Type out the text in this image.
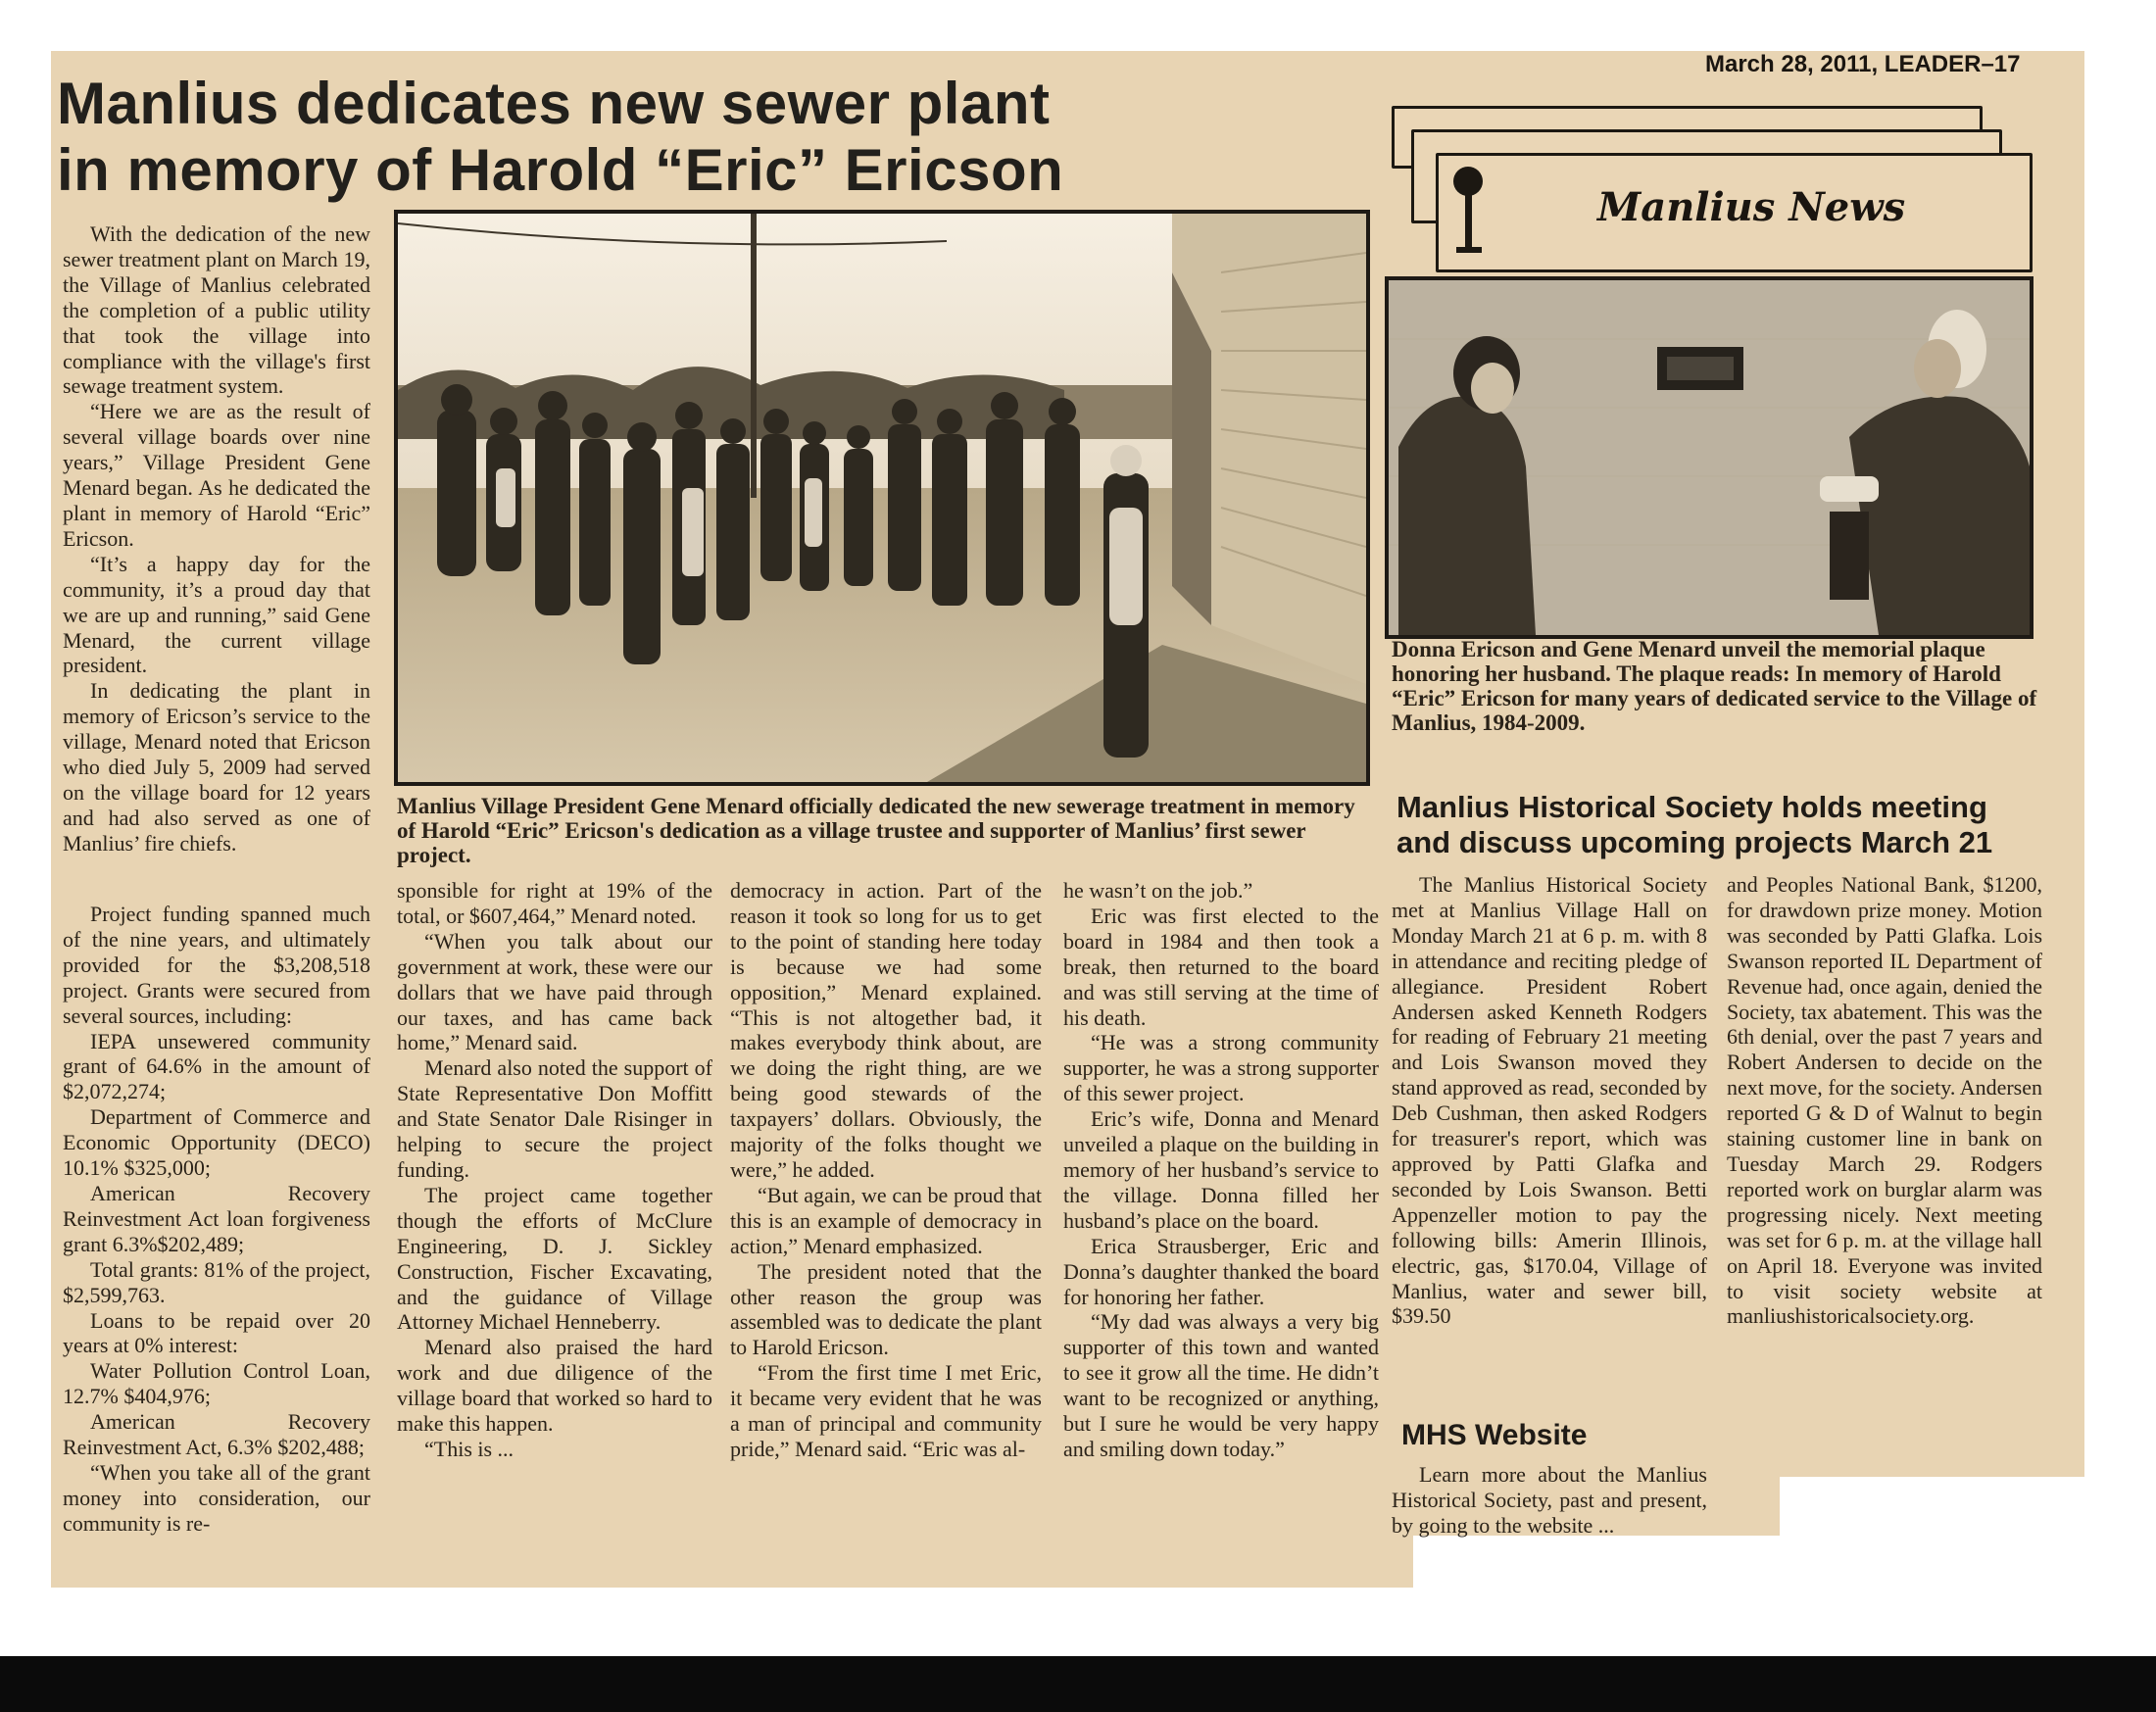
March 28, 2011, LEADER–17
Manlius dedicates new sewer plant
in memory of Harold “Eric” Ericson
Manlius News
Manlius Village President Gene Menard officially dedicated the new sewerage treatment in memory of Harold “Eric” Ericson's dedication as a village trustee and supporter of Manlius’ first sewer project.
Donna Ericson and Gene Menard unveil the memorial plaque honoring her husband. The plaque reads: In memory of Harold “Eric” Ericson for many years of dedicated service to the Village of Manlius, 1984-2009.

With the dedication of the new sewer treatment plant on March 19, the Village of Manlius celebrated the completion of a public utility that took the village into compliance with the village's first sewage treatment system.

“Here we are as the result of several village boards over nine years,” Village President Gene Menard began. As he dedicated the plant in memory of Harold “Eric” Ericson.

“It’s a happy day for the community, it’s a proud day that we are up and running,” said Gene Menard, the current village president.

In dedicating the plant in memory of Ericson’s service to the village, Menard noted that Ericson who died July 5, 2009 had served on the village board for 12 years and had also served as one of Manlius’ fire chiefs.

Project funding spanned much of the nine years, and ultimately provided for the $3,208,518 project. Grants were secured from several sources, including:

IEPA unsewered community grant of 64.6% in the amount of $2,072,274;

Department of Commerce and Economic Opportunity (DECO) 10.1% $325,000;

American Recovery Reinvestment Act loan forgiveness grant 6.3%$202,489;

Total grants: 81% of the project, $2,599,763.

Loans to be repaid over 20 years at 0% interest:

Water Pollution Control Loan, 12.7% $404,976;

American Recovery Reinvestment Act, 6.3% $202,488;

“When you take all of the grant money into consideration, our community is re-

sponsible for right at 19% of the total, or $607,464,” Menard noted.

“When you talk about our government at work, these were our dollars that we have paid through our taxes, and has came back home,” Menard said.

Menard also noted the support of State Representative Don Moffitt and State Senator Dale Risinger in helping to secure the project funding.

The project came together though the efforts of McClure Engineering, D. J. Sickley Construction, Fischer Excavating, and the guidance of Village Attorney Michael Henneberry.

Menard also praised the hard work and due diligence of the village board that worked so hard to make this happen.

“This is ...

democracy in action. Part of the reason it took so long for us to get to the point of standing here today is because we had some opposition,” Menard explained. “This is not altogether bad, it makes everybody think about, are we doing the right thing, are we being good stewards of the taxpayers’ dollars. Obviously, the majority of the folks thought we were,” he added.

“But again, we can be proud that this is an example of democracy in action,” Menard emphasized.

The president noted that the other reason the group was assembled was to dedicate the plant to Harold Ericson.

“From the first time I met Eric, it became very evident that he was a man of principal and community pride,” Menard said. “Eric was al-

he wasn’t on the job.”

Eric was first elected to the board in 1984 and then took a break, then returned to the board and was still serving at the time of his death.

“He was a strong community supporter, he was a strong supporter of this sewer project.

Eric’s wife, Donna and Menard unveiled a plaque on the building in memory of her husband’s service to the village. Donna filled her husband’s place on the board.

Erica Strausberger, Eric and Donna’s daughter thanked the board for honoring her father.

“My dad was always a very big supporter of this town and wanted to see it grow all the time. He didn’t want to be recognized or anything, but I sure he would be very happy and smiling down today.”

Manlius Historical Society holds meeting and discuss upcoming projects March 21

The Manlius Historical Society met at Manlius Village Hall on Monday March 21 at 6 p. m. with 8 in attendance and reciting pledge of allegiance. President Robert Andersen asked Kenneth Rodgers for reading of February 21 meeting and Lois Swanson moved they stand approved as read, seconded by Deb Cushman, then asked Rodgers for treasurer's report, which was approved by Patti Glafka and seconded by Lois Swanson. Betti Appenzeller motion to pay the following bills: Amerin Illinois, electric, gas, $170.04, Village of Manlius, water and sewer bill, $39.50

and Peoples National Bank, $1200, for drawdown prize money. Motion was seconded by Patti Glafka. Lois Swanson reported IL Department of Revenue had, once again, denied the Society, tax abatement. This was the 6th denial, over the past 7 years and Robert Andersen to decide on the next move, for the society. Andersen reported G & D of Walnut to begin staining customer line in bank on Tuesday March 29. Rodgers reported work on burglar alarm was progressing nicely. Next meeting was set for 6 p. m. at the village hall on April 18. Everyone was invited to visit society website at manliushistoricalsociety.org.

MHS Website

Learn more about the Manlius Historical Society, past and present, by going to the website ...
